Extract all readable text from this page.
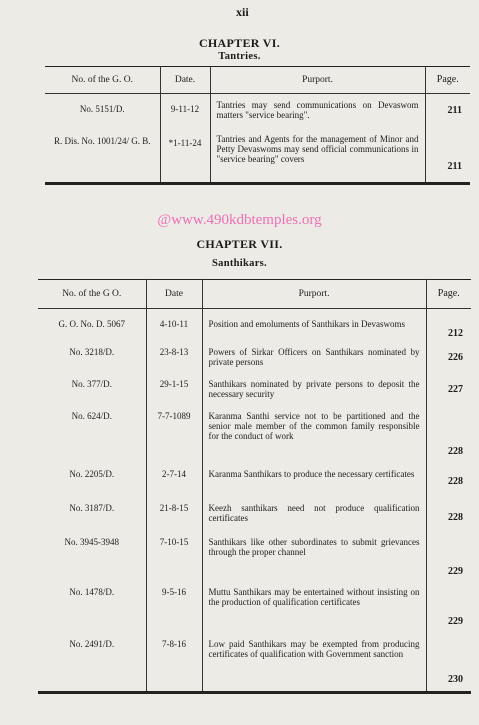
xii
CHAPTER VI.
Tantries.
No. of the G. O.	Date.	Purport.	Page.
No. 5151/D.	9-11-12	Tantries may send communications on Devaswom matters "service bearing".	211
R. Dis. No. 1001/24/ G. B.	*1-11-24	Tantries and Agents for the management of Minor and Petty Devaswoms may send official communications in "service bearing" covers	211
@www.490kdbtemples.org
CHAPTER VII.
Santhikars.
No. of the G O.	Date	Purport.	Page.
G. O. No. D. 5067	4-10-11	Position and emoluments of Santhikars in Devaswoms	212
No. 3218/D.	23-8-13	Powers of Sirkar Officers on Santhikars nominated by private persons	226
No. 377/D.	29-1-15	Santhikars nominated by private persons to deposit the necessary security	227
No. 624/D.	7-7-1089	Karanma Santhi service not to be partitioned and the senior male member of the common family responsible for the conduct of work	228
No. 2205/D.	2-7-14	Karanma Santhikars to produce the necessary certificates	228
No. 3187/D.	21-8-15	Keezh santhikars need not produce qualification certificates	228
No. 3945-3948	7-10-15	Santhikars like other subordinates to submit grievances through the proper channel	229
No. 1478/D.	9-5-16	Muttu Santhikars may be entertained without insisting on the production of qualification certificates	229
No. 2491/D.	7-8-16	Low paid Santhikars may be exempted from producing certificates of qualification with Government sanction	230
